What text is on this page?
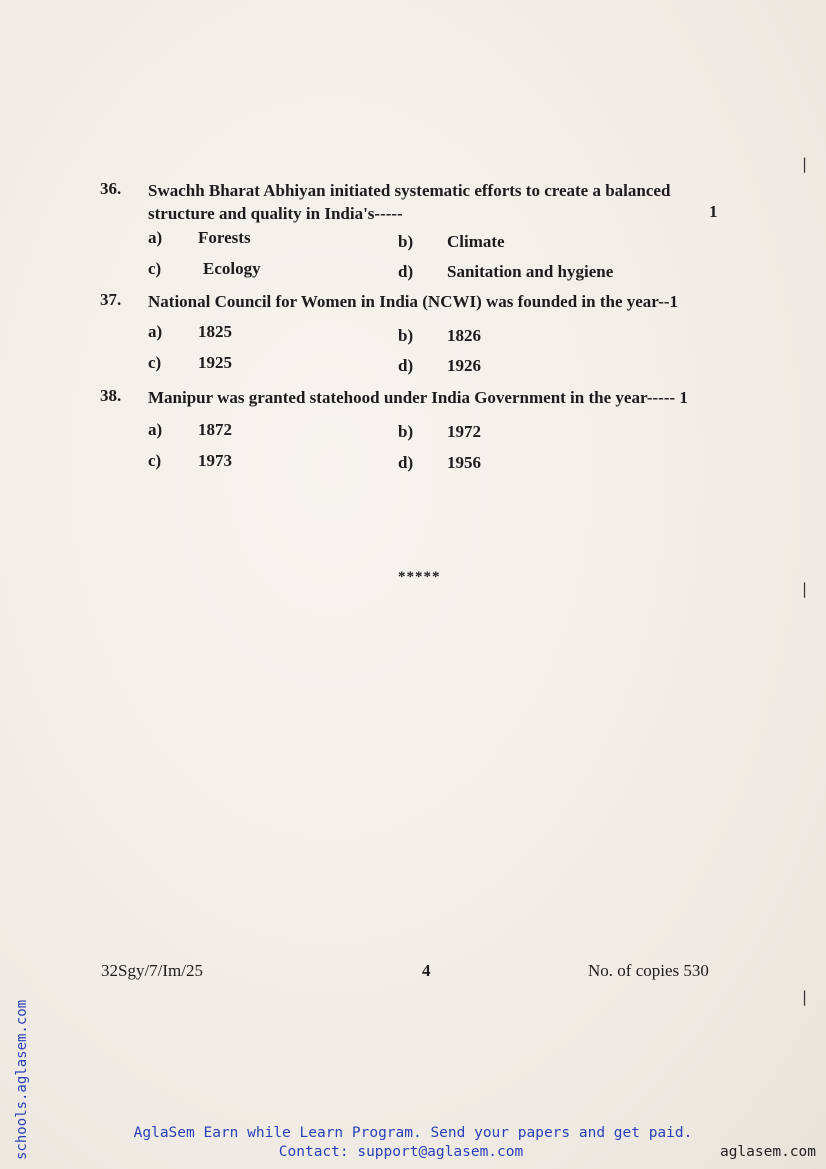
36.	Swachh Bharat Abhiyan initiated systematic efforts to create a balanced structure and quality in India's-----	1
a)	Forests	b)	Climate
c)	Ecology	d)	Sanitation and hygiene
37.	National Council for Women in India (NCWI) was founded in the year--1
a)	1825	b)	1826
c)	1925	d)	1926
38.	Manipur was granted statehood under India Government in the year----- 1
a)	1872	b)	1972
c)	1973	d)	1956
*****
|
|
|
32Sgy/7/Im/25	4	No. of copies 530
schools.aglasem.com	AglaSem Earn while Learn Program. Send your papers and get paid.
Contact: support@aglasem.com	aglasem.com
